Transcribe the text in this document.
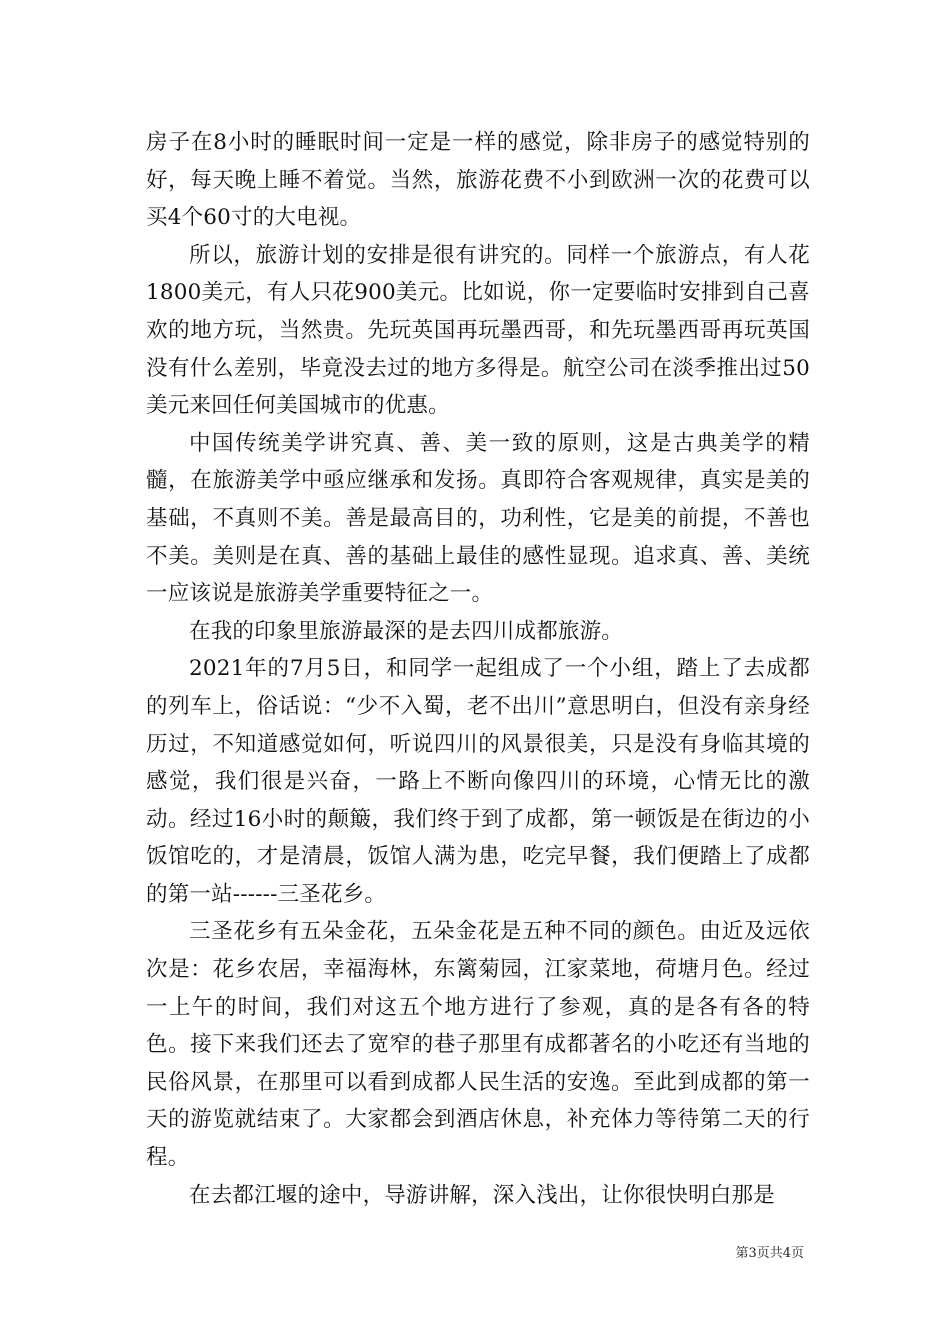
房子在8小时的睡眠时间一定是一样的感觉，除非房子的感觉特别的好，每天晚上睡不着觉。当然，旅游花费不小到欧洲一次的花费可以买4个60寸的大电视。

所以，旅游计划的安排是很有讲究的。同样一个旅游点，有人花1800美元，有人只花900美元。比如说，你一定要临时安排到自己喜欢的地方玩，当然贵。先玩英国再玩墨西哥，和先玩墨西哥再玩英国没有什么差别，毕竟没去过的地方多得是。航空公司在淡季推出过50美元来回任何美国城市的优惠。

中国传统美学讲究真、善、美一致的原则，这是古典美学的精髓，在旅游美学中亟应继承和发扬。真即符合客观规律，真实是美的基础，不真则不美。善是最高目的，功利性，它是美的前提，不善也不美。美则是在真、善的基础上最佳的感性显现。追求真、善、美统一应该说是旅游美学重要特征之一。

在我的印象里旅游最深的是去四川成都旅游。

2021年的7月5日，和同学一起组成了一个小组，踏上了去成都的列车上，俗话说：“少不入蜀，老不出川”意思明白，但没有亲身经历过，不知道感觉如何，听说四川的风景很美，只是没有身临其境的感觉，我们很是兴奋，一路上不断向像四川的环境，心情无比的激动。经过16小时的颠簸，我们终于到了成都，第一顿饭是在街边的小饭馆吃的，才是清晨，饭馆人满为患，吃完早餐，我们便踏上了成都的第一站------三圣花乡。

三圣花乡有五朵金花，五朵金花是五种不同的颜色。由近及远依次是：花乡农居，幸福海林，东篱菊园，江家菜地，荷塘月色。经过一上午的时间，我们对这五个地方进行了参观，真的是各有各的特色。接下来我们还去了宽窄的巷子那里有成都著名的小吃还有当地的民俗风景，在那里可以看到成都人民生活的安逸。至此到成都的第一天的游览就结束了。大家都会到酒店休息，补充体力等待第二天的行程。

在去都江堰的途中，导游讲解，深入浅出，让你很快明白那是

第3页共4页
